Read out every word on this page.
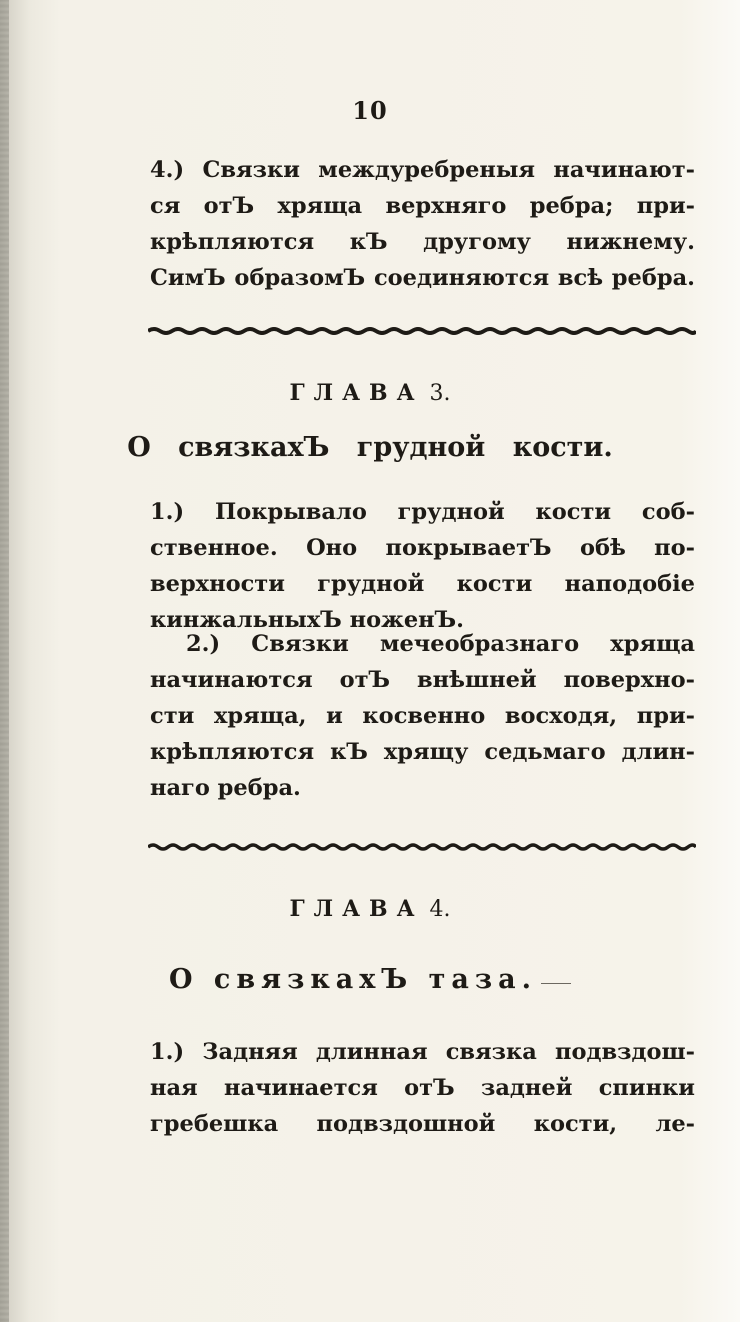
10
4.) Связки междуребреныя начинают-
ся отЪ хряща верхняго ребра; при-
крѣпляются кЪ другому нижнему.
СимЪ образомЪ соединяются всѣ ребра.
ГЛАВА 3.
О связкахЪ грудной кости.
1.) Покрывало грудной кости соб-
ственное. Оно покрываетЪ обѣ по-
верхности грудной кости наподобіе
кинжальныхЪ ноженЪ.
2.) Связки мечеобразнаго хряща
начинаются отЪ внѣшней поверхно-
сти хряща, и косвенно восходя, при-
крѣпляются кЪ хрящу седьмаго длин-
наго ребра.
ГЛАВА 4.
О связкахЪ таза.
1.) Задняя длинная связка подвздош-
ная начинается отЪ задней спинки
гребешка подвздошной кости, ле-
